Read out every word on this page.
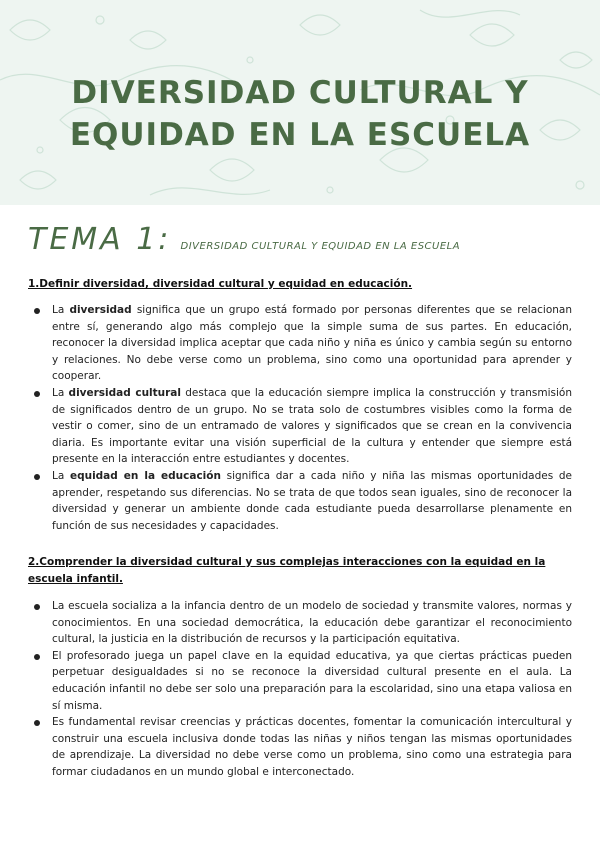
DIVERSIDAD CULTURAL Y
EQUIDAD EN LA ESCUELA
TEMA 1: DIVERSIDAD CULTURAL Y EQUIDAD EN LA ESCUELA
1.Definir diversidad, diversidad cultural y equidad en educación.
La diversidad significa que un grupo está formado por personas diferentes que se relacionan entre sí, generando algo más complejo que la simple suma de sus partes. En educación, reconocer la diversidad implica aceptar que cada niño y niña es único y cambia según su entorno y relaciones. No debe verse como un problema, sino como una oportunidad para aprender y cooperar.
La diversidad cultural destaca que la educación siempre implica la construcción y transmisión de significados dentro de un grupo. No se trata solo de costumbres visibles como la forma de vestir o comer, sino de un entramado de valores y significados que se crean en la convivencia diaria. Es importante evitar una visión superficial de la cultura y entender que siempre está presente en la interacción entre estudiantes y docentes.
La equidad en la educación significa dar a cada niño y niña las mismas oportunidades de aprender, respetando sus diferencias. No se trata de que todos sean iguales, sino de reconocer la diversidad y generar un ambiente donde cada estudiante pueda desarrollarse plenamente en función de sus necesidades y capacidades.
2.Comprender la diversidad cultural y sus complejas interacciones con la equidad en la escuela infantil.
La escuela socializa a la infancia dentro de un modelo de sociedad y transmite valores, normas y conocimientos. En una sociedad democrática, la educación debe garantizar el reconocimiento cultural, la justicia en la distribución de recursos y la participación equitativa.
El profesorado juega un papel clave en la equidad educativa, ya que ciertas prácticas pueden perpetuar desigualdades si no se reconoce la diversidad cultural presente en el aula. La educación infantil no debe ser solo una preparación para la escolaridad, sino una etapa valiosa en sí misma.
Es fundamental revisar creencias y prácticas docentes, fomentar la comunicación intercultural y construir una escuela inclusiva donde todas las niñas y niños tengan las mismas oportunidades de aprendizaje. La diversidad no debe verse como un problema, sino como una estrategia para formar ciudadanos en un mundo global e interconectado.
